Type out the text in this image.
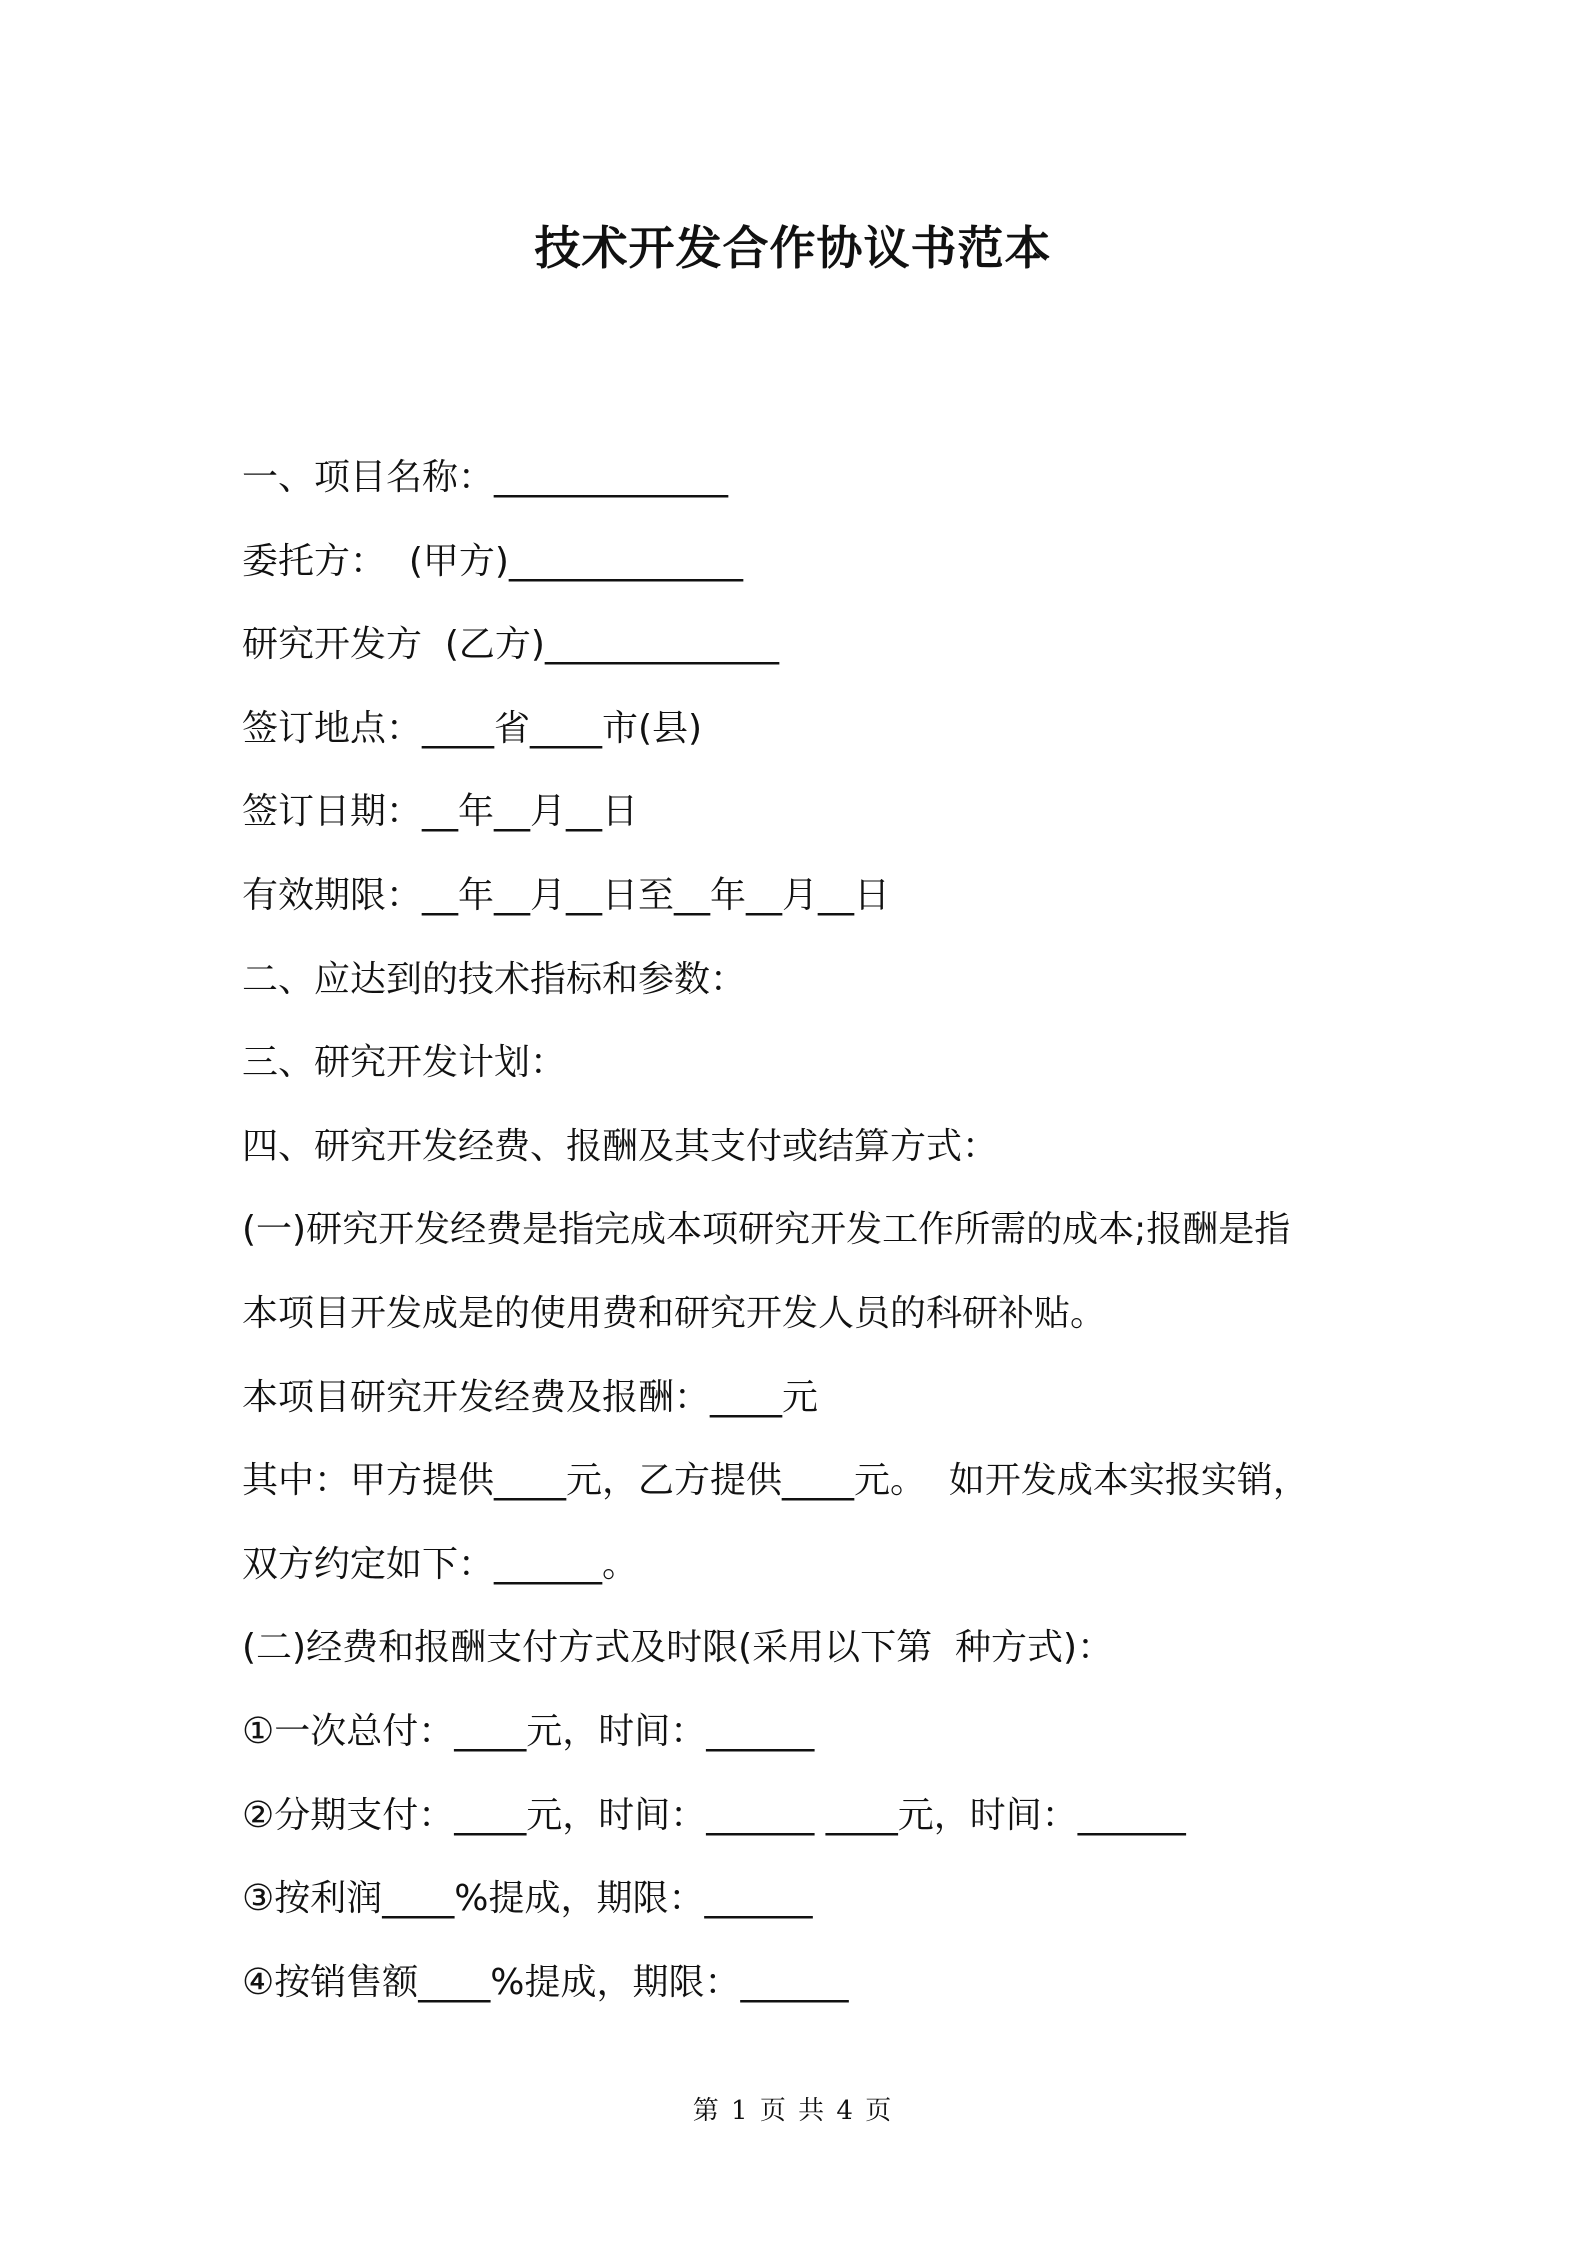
技术开发合作协议书范本
一、项目名称：_____________
委托方：  (甲方)_____________
研究开发方  (乙方)_____________
签订地点：____省____市(县)
签订日期：__年__月__日
有效期限：__年__月__日至__年__月__日
二、应达到的技术指标和参数：
三、研究开发计划：
四、研究开发经费、报酬及其支付或结算方式：
(一)研究开发经费是指完成本项研究开发工作所需的成本;报酬是指
本项目开发成是的使用费和研究开发人员的科研补贴。
本项目研究开发经费及报酬：____元
其中：甲方提供____元，乙方提供____元。  如开发成本实报实销，
双方约定如下：______。
(二)经费和报酬支付方式及时限(采用以下第  种方式)：
①一次总付：____元，时间：______
②分期支付：____元，时间：______ ____元，时间：______
③按利润____%提成，期限：______
④按销售额____%提成，期限：______
第 1 页 共 4 页
